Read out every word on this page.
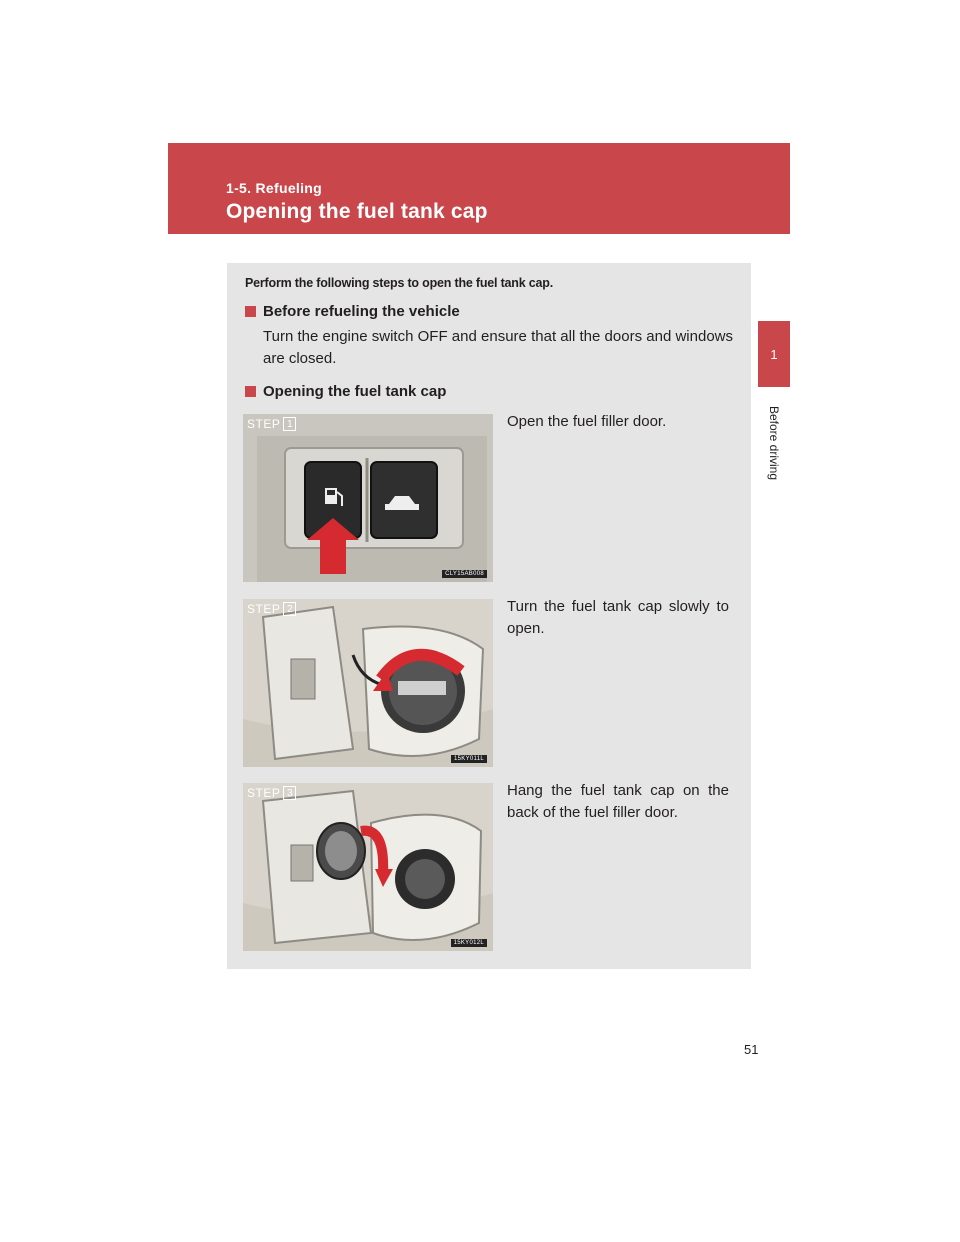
1-5. Refueling
Opening the fuel tank cap
1
Before driving
Perform the following steps to open the fuel tank cap.
Before refueling the vehicle
Turn the engine switch OFF and ensure that all the doors and windows are closed.
Opening the fuel tank cap
STEP 1
CLY15AB008
Open the fuel filler door.
STEP 2
15KY011L
Turn the fuel tank cap slowly to open.
STEP 3
15KY012L
Hang the fuel tank cap on the back of the fuel filler door.
51
